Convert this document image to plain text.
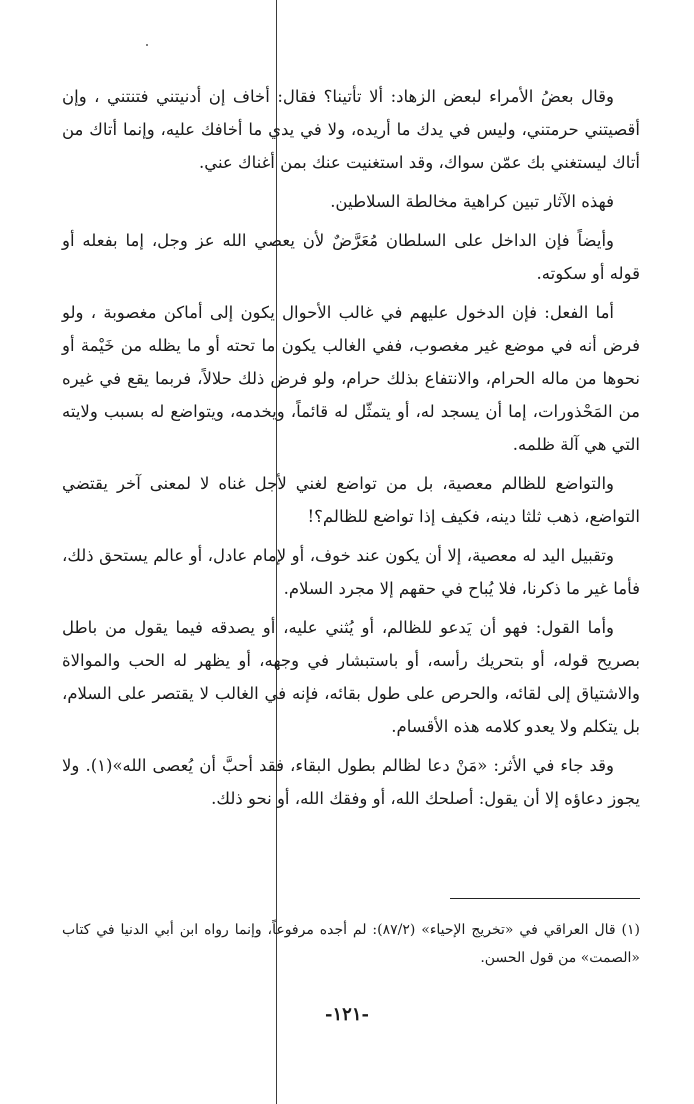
وقال بعضُ الأمراء لبعض الزهاد: ألا تأتينا؟ فقال: أخاف إن أدنيتني فتنتني ، وإن أقصيتني حرمتني، وليس في يدك ما أريده، ولا في يدي ما أخافك عليه، وإنما أتاك من أتاك ليستغني بك عمّن سواك، وقد استغنيت عنك بمن أغناك عني.

فهذه الآثار تبين كراهية مخالطة السلاطين.

وأيضاً فإن الداخل على السلطان مُعَرَّضٌ لأن يعصي الله عز وجل، إما بفعله أو قوله أو سكوته.

أما الفعل: فإن الدخول عليهم في غالب الأحوال يكون إلى أماكن مغصوبة ، ولو فرض أنه في موضع غير مغصوب، ففي الغالب يكون ما تحته أو ما يظله من خَيْمة أو نحوها من ماله الحرام، والانتفاع بذلك حرام، ولو فرض ذلك حلالاً، فربما يقع في غيره من المَحْذورات، إما أن يسجد له، أو يتمثّل له قائماً، ويخدمه، ويتواضع له بسبب ولايته التي هي آلة ظلمه.

والتواضع للظالم معصية، بل من تواضع لغني لأجل غناه لا لمعنى آخر يقتضي التواضع، ذهب ثلثا دينه، فكيف إذا تواضع للظالم؟!

وتقبيل اليد له معصية، إلا أن يكون عند خوف، أو لإمام عادل، أو عالم يستحق ذلك، فأما غير ما ذكرنا، فلا يُباح في حقهم إلا مجرد السلام.

وأما القول: فهو أن يَدعو للظالم، أو يُثني عليه، أو يصدقه فيما يقول من باطل بصريح قوله، أو بتحريك رأسه، أو باستبشار في وجهه، أو يظهر له الحب والموالاة والاشتياق إلى لقائه، والحرص على طول بقائه، فإنه في الغالب لا يقتصر على السلام، بل يتكلم ولا يعدو كلامه هذه الأقسام.

وقد جاء في الأثر: «مَنْ دعا لظالم بطول البقاء، فقد أحبَّ أن يُعصى الله»(١). ولا يجوز دعاؤه إلا أن يقول: أصلحك الله، أو وفقك الله، أو نحو ذلك.

(١) قال العراقي في «تخريج الإحياء» (٨٧/٢): لم أجده مرفوعاً، وإنما رواه ابن أبي الدنيا في كتاب «الصمت» من قول الحسن.

-١٢١-
